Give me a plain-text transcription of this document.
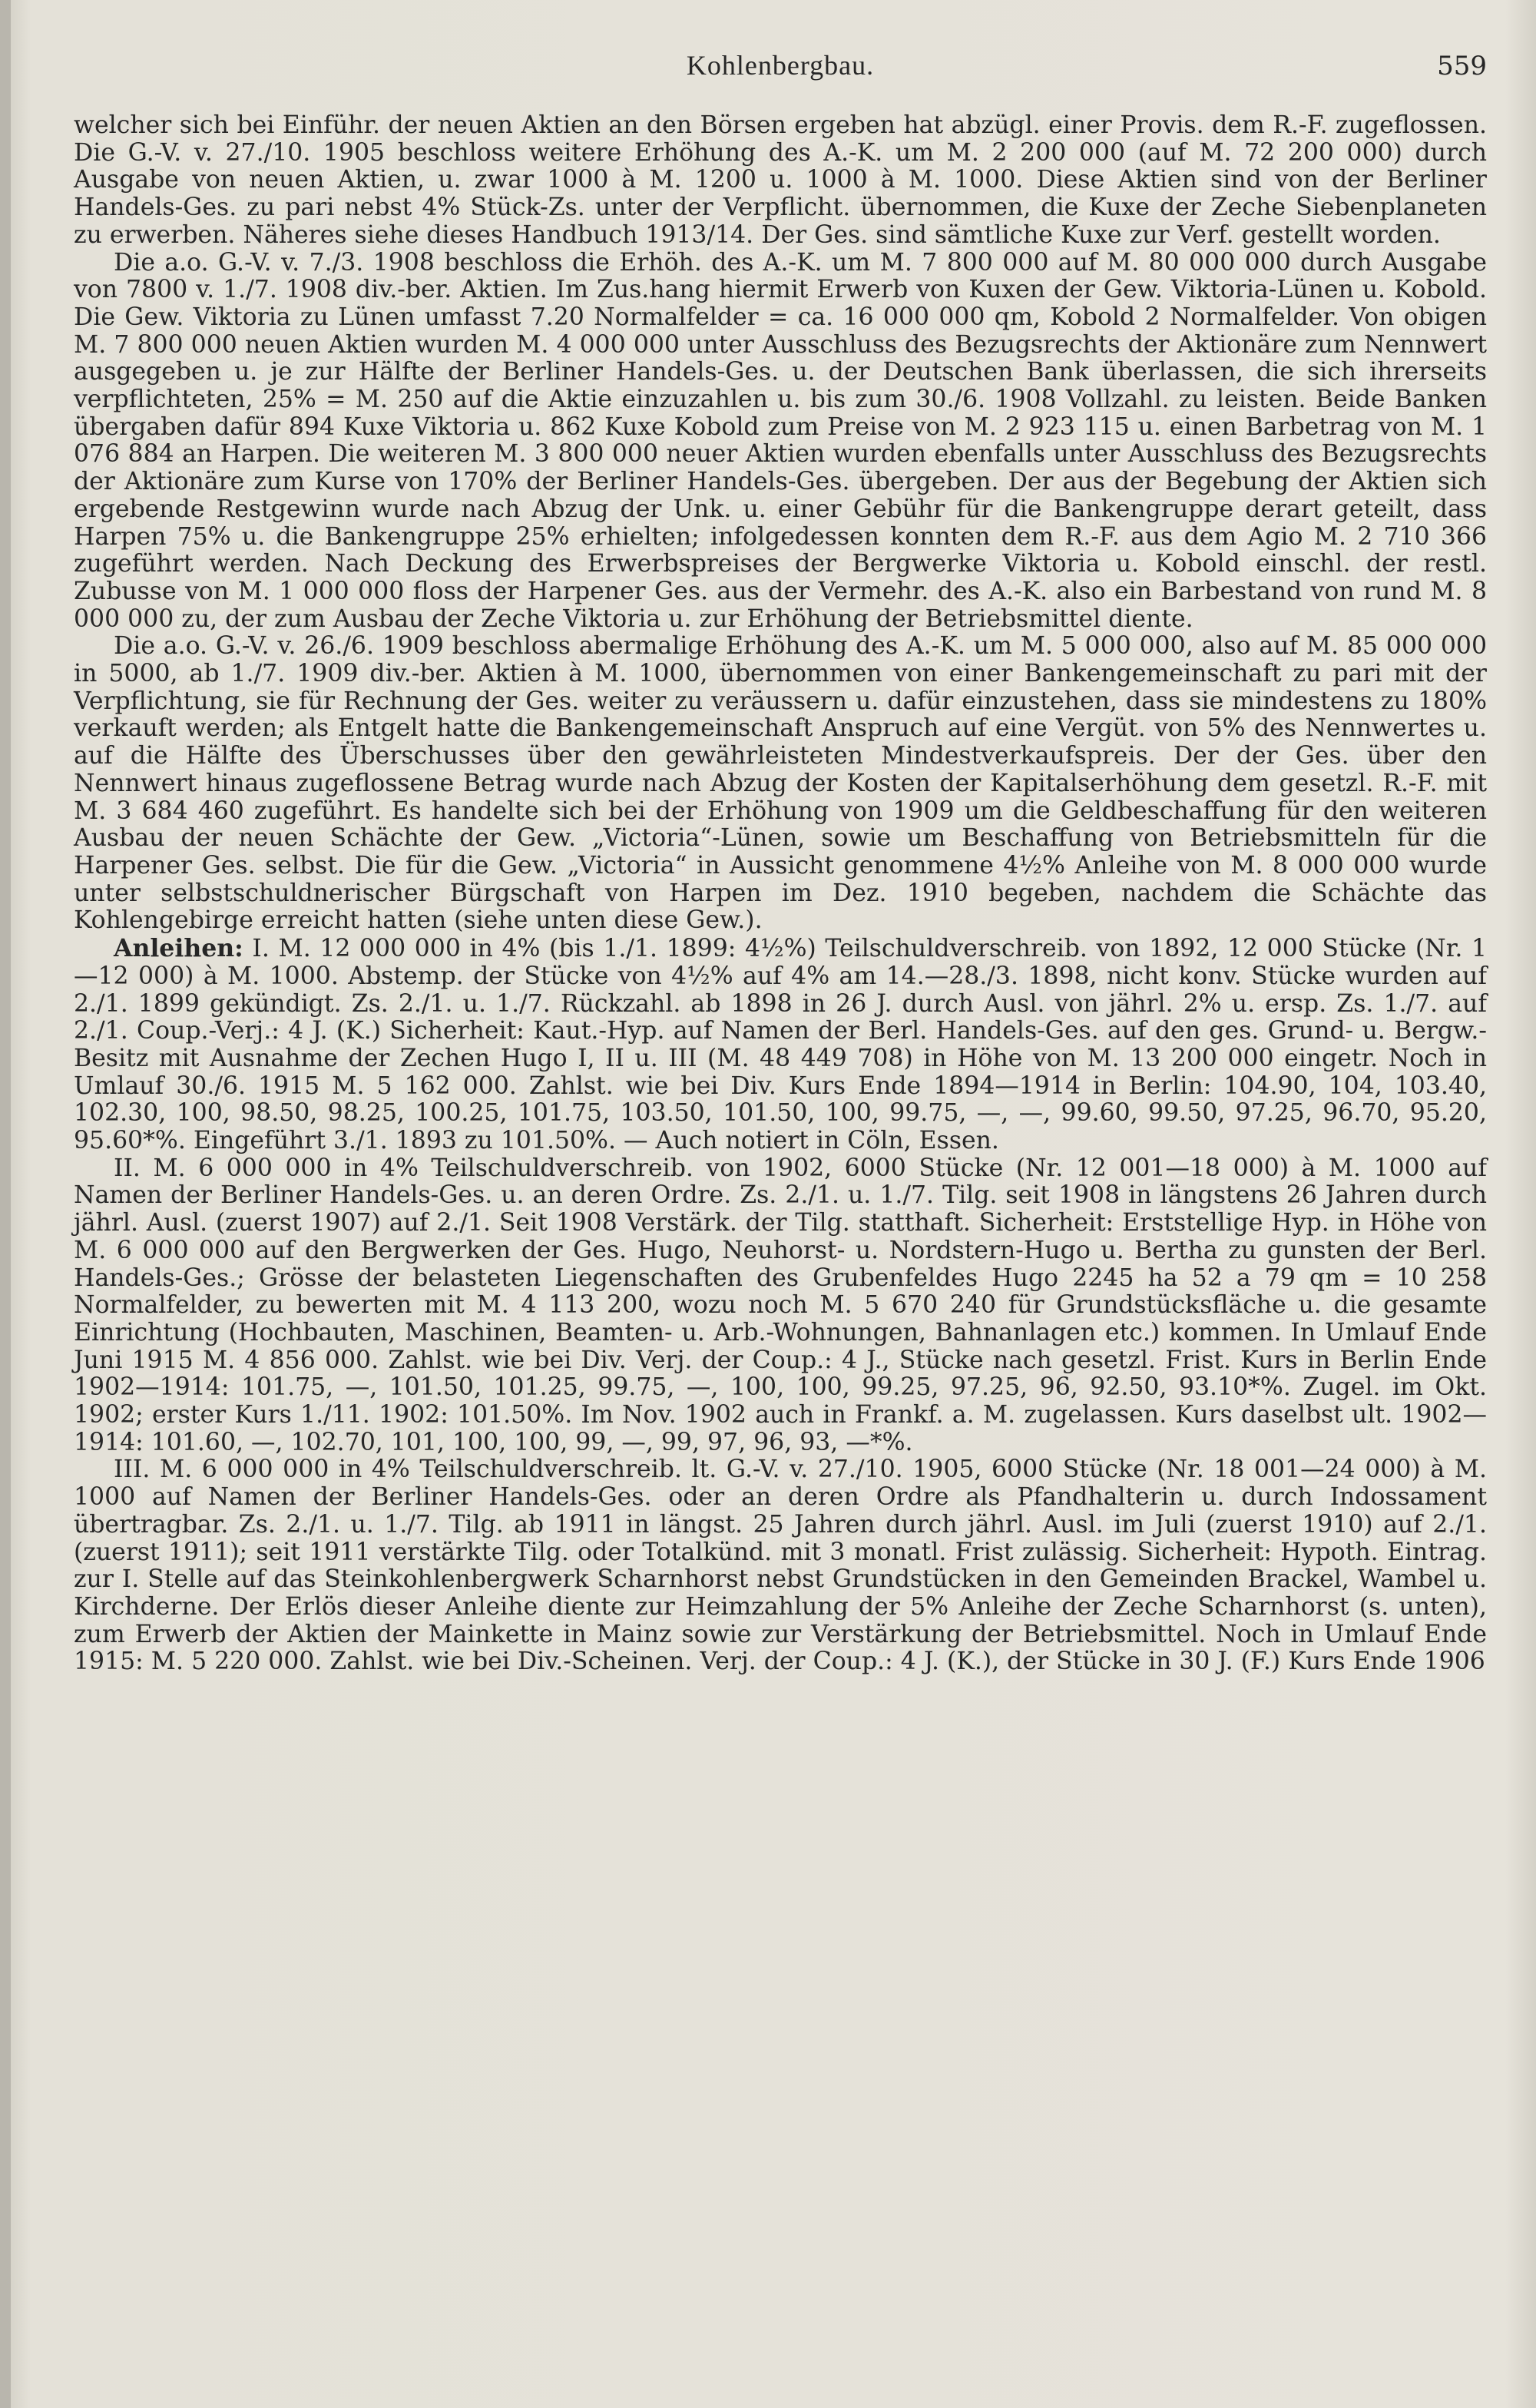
Kohlenbergbau.	559

welcher sich bei Einführ. der neuen Aktien an den Börsen ergeben hat abzügl. einer Provis. dem R.-F. zugeflossen. Die G.-V. v. 27./10. 1905 beschloss weitere Erhöhung des A.-K. um M. 2 200 000 (auf M. 72 200 000) durch Ausgabe von neuen Aktien, u. zwar 1000 à M. 1200 u. 1000 à M. 1000. Diese Aktien sind von der Berliner Handels-Ges. zu pari nebst 4% Stück-Zs. unter der Verpflicht. übernommen, die Kuxe der Zeche Siebenplaneten zu erwerben. Näheres siehe dieses Handbuch 1913/14. Der Ges. sind sämtliche Kuxe zur Verf. gestellt worden.

Die a.o. G.-V. v. 7./3. 1908 beschloss die Erhöh. des A.-K. um M. 7 800 000 auf M. 80 000 000 durch Ausgabe von 7800 v. 1./7. 1908 div.-ber. Aktien. Im Zus.hang hiermit Erwerb von Kuxen der Gew. Viktoria-Lünen u. Kobold. Die Gew. Viktoria zu Lünen umfasst 7.20 Normalfelder = ca. 16 000 000 qm, Kobold 2 Normalfelder. Von obigen M. 7 800 000 neuen Aktien wurden M. 4 000 000 unter Ausschluss des Bezugsrechts der Aktionäre zum Nennwert ausgegeben u. je zur Hälfte der Berliner Handels-Ges. u. der Deutschen Bank überlassen, die sich ihrerseits verpflichteten, 25% = M. 250 auf die Aktie einzuzahlen u. bis zum 30./6. 1908 Vollzahl. zu leisten. Beide Banken übergaben dafür 894 Kuxe Viktoria u. 862 Kuxe Kobold zum Preise von M. 2 923 115 u. einen Barbetrag von M. 1 076 884 an Harpen. Die weiteren M. 3 800 000 neuer Aktien wurden ebenfalls unter Ausschluss des Bezugsrechts der Aktionäre zum Kurse von 170% der Berliner Handels-Ges. übergeben. Der aus der Begebung der Aktien sich ergebende Restgewinn wurde nach Abzug der Unk. u. einer Gebühr für die Bankengruppe derart geteilt, dass Harpen 75% u. die Bankengruppe 25% erhielten; infolgedessen konnten dem R.-F. aus dem Agio M. 2 710 366 zugeführt werden. Nach Deckung des Erwerbspreises der Bergwerke Viktoria u. Kobold einschl. der restl. Zubusse von M. 1 000 000 floss der Harpener Ges. aus der Vermehr. des A.-K. also ein Barbestand von rund M. 8 000 000 zu, der zum Ausbau der Zeche Viktoria u. zur Erhöhung der Betriebsmittel diente.

Die a.o. G.-V. v. 26./6. 1909 beschloss abermalige Erhöhung des A.-K. um M. 5 000 000, also auf M. 85 000 000 in 5000, ab 1./7. 1909 div.-ber. Aktien à M. 1000, übernommen von einer Bankengemeinschaft zu pari mit der Verpflichtung, sie für Rechnung der Ges. weiter zu veräussern u. dafür einzustehen, dass sie mindestens zu 180% verkauft werden; als Entgelt hatte die Bankengemeinschaft Anspruch auf eine Vergüt. von 5% des Nennwertes u. auf die Hälfte des Überschusses über den gewährleisteten Mindestverkaufspreis. Der der Ges. über den Nennwert hinaus zugeflossene Betrag wurde nach Abzug der Kosten der Kapitalserhöhung dem gesetzl. R.-F. mit M. 3 684 460 zugeführt. Es handelte sich bei der Erhöhung von 1909 um die Geldbeschaffung für den weiteren Ausbau der neuen Schächte der Gew. „Victoria“-Lünen, sowie um Beschaffung von Betriebsmitteln für die Harpener Ges. selbst. Die für die Gew. „Victoria“ in Aussicht genommene 4½% Anleihe von M. 8 000 000 wurde unter selbstschuldnerischer Bürgschaft von Harpen im Dez. 1910 begeben, nachdem die Schächte das Kohlengebirge erreicht hatten (siehe unten diese Gew.).

Anleihen: I. M. 12 000 000 in 4% (bis 1./1. 1899: 4½%) Teilschuldverschreib. von 1892, 12 000 Stücke (Nr. 1—12 000) à M. 1000. Abstemp. der Stücke von 4½% auf 4% am 14.—28./3. 1898, nicht konv. Stücke wurden auf 2./1. 1899 gekündigt. Zs. 2./1. u. 1./7. Rückzahl. ab 1898 in 26 J. durch Ausl. von jährl. 2% u. ersp. Zs. 1./7. auf 2./1. Coup.-Verj.: 4 J. (K.) Sicherheit: Kaut.-Hyp. auf Namen der Berl. Handels-Ges. auf den ges. Grund- u. Bergw.-Besitz mit Ausnahme der Zechen Hugo I, II u. III (M. 48 449 708) in Höhe von M. 13 200 000 eingetr. Noch in Umlauf 30./6. 1915 M. 5 162 000. Zahlst. wie bei Div. Kurs Ende 1894—1914 in Berlin: 104.90, 104, 103.40, 102.30, 100, 98.50, 98.25, 100.25, 101.75, 103.50, 101.50, 100, 99.75, —, —, 99.60, 99.50, 97.25, 96.70, 95.20, 95.60*%. Eingeführt 3./1. 1893 zu 101.50%. — Auch notiert in Cöln, Essen.

II. M. 6 000 000 in 4% Teilschuldverschreib. von 1902, 6000 Stücke (Nr. 12 001—18 000) à M. 1000 auf Namen der Berliner Handels-Ges. u. an deren Ordre. Zs. 2./1. u. 1./7. Tilg. seit 1908 in längstens 26 Jahren durch jährl. Ausl. (zuerst 1907) auf 2./1. Seit 1908 Verstärk. der Tilg. statthaft. Sicherheit: Erststellige Hyp. in Höhe von M. 6 000 000 auf den Bergwerken der Ges. Hugo, Neuhorst- u. Nordstern-Hugo u. Bertha zu gunsten der Berl. Handels-Ges.; Grösse der belasteten Liegenschaften des Grubenfeldes Hugo 2245 ha 52 a 79 qm = 10 258 Normalfelder, zu bewerten mit M. 4 113 200, wozu noch M. 5 670 240 für Grundstücksfläche u. die gesamte Einrichtung (Hochbauten, Maschinen, Beamten- u. Arb.-Wohnungen, Bahnanlagen etc.) kommen. In Umlauf Ende Juni 1915 M. 4 856 000. Zahlst. wie bei Div. Verj. der Coup.: 4 J., Stücke nach gesetzl. Frist. Kurs in Berlin Ende 1902—1914: 101.75, —, 101.50, 101.25, 99.75, —, 100, 100, 99.25, 97.25, 96, 92.50, 93.10*%. Zugel. im Okt. 1902; erster Kurs 1./11. 1902: 101.50%. Im Nov. 1902 auch in Frankf. a. M. zugelassen. Kurs daselbst ult. 1902—1914: 101.60, —, 102.70, 101, 100, 100, 99, —, 99, 97, 96, 93, —*%.

III. M. 6 000 000 in 4% Teilschuldverschreib. lt. G.-V. v. 27./10. 1905, 6000 Stücke (Nr. 18 001—24 000) à M. 1000 auf Namen der Berliner Handels-Ges. oder an deren Ordre als Pfandhalterin u. durch Indossament übertragbar. Zs. 2./1. u. 1./7. Tilg. ab 1911 in längst. 25 Jahren durch jährl. Ausl. im Juli (zuerst 1910) auf 2./1. (zuerst 1911); seit 1911 verstärkte Tilg. oder Totalkünd. mit 3 monatl. Frist zulässig. Sicherheit: Hypoth. Eintrag. zur I. Stelle auf das Steinkohlenbergwerk Scharnhorst nebst Grundstücken in den Gemeinden Brackel, Wambel u. Kirchderne. Der Erlös dieser Anleihe diente zur Heimzahlung der 5% Anleihe der Zeche Scharnhorst (s. unten), zum Erwerb der Aktien der Mainkette in Mainz sowie zur Verstärkung der Betriebsmittel. Noch in Umlauf Ende 1915: M. 5 220 000. Zahlst. wie bei Div.-Scheinen. Verj. der Coup.: 4 J. (K.), der Stücke in 30 J. (F.) Kurs Ende 1906
